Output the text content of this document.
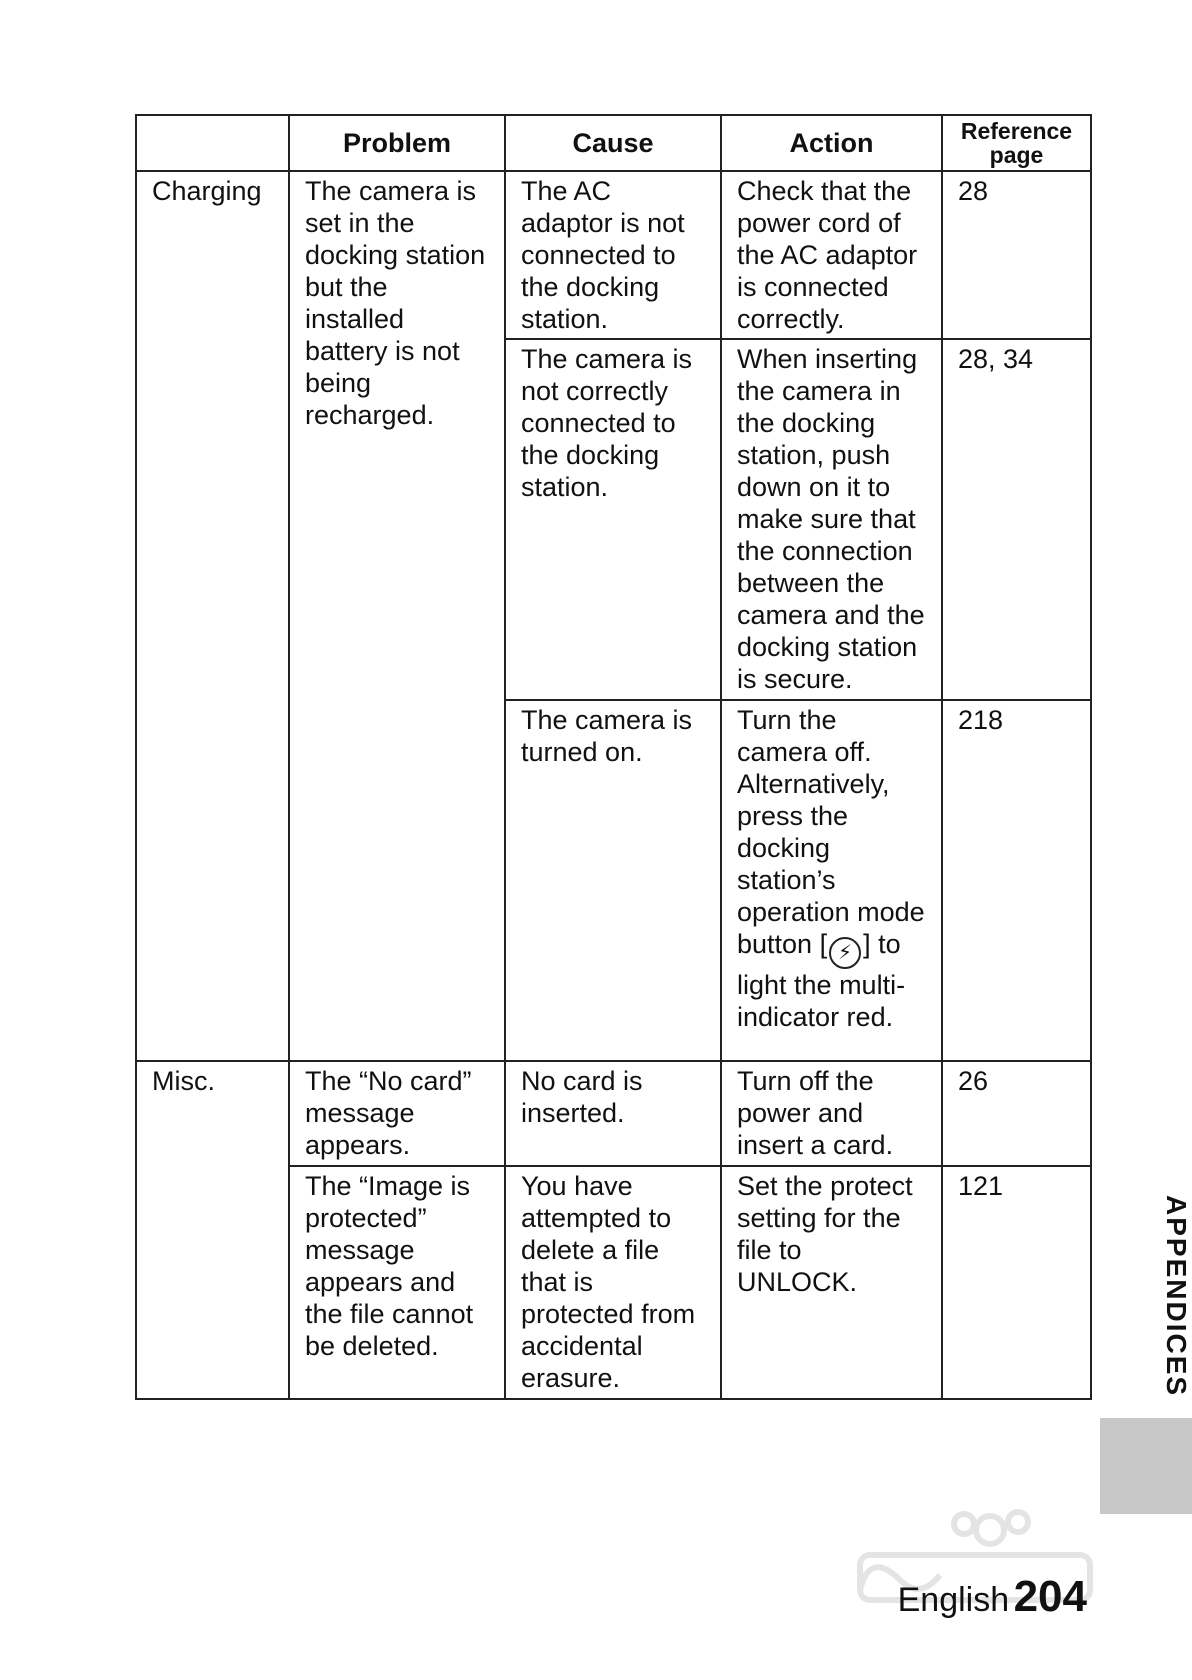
	Problem	Cause	Action	Reference page
Charging	The camera is set in the docking station but the installed battery is not being recharged.	The AC adaptor is not connected to the docking station.	Check that the power cord of the AC adaptor is connected correctly.	28
		The camera is not correctly connected to the docking station.	When inserting the camera in the docking station, push down on it to make sure that the connection between the camera and the docking station is secure.	28, 34
		The camera is turned on.	Turn the camera off. Alternatively, press the docking station’s operation mode button [ ⚡ ] to light the multi-indicator red.	218
Misc.	The “No card” message appears.	No card is inserted.	Turn off the power and insert a card.	26
	The “Image is protected” message appears and the file cannot be deleted.	You have attempted to delete a file that is protected from accidental erasure.	Set the protect setting for the file to UNLOCK.	121
APPENDICES
English 204
